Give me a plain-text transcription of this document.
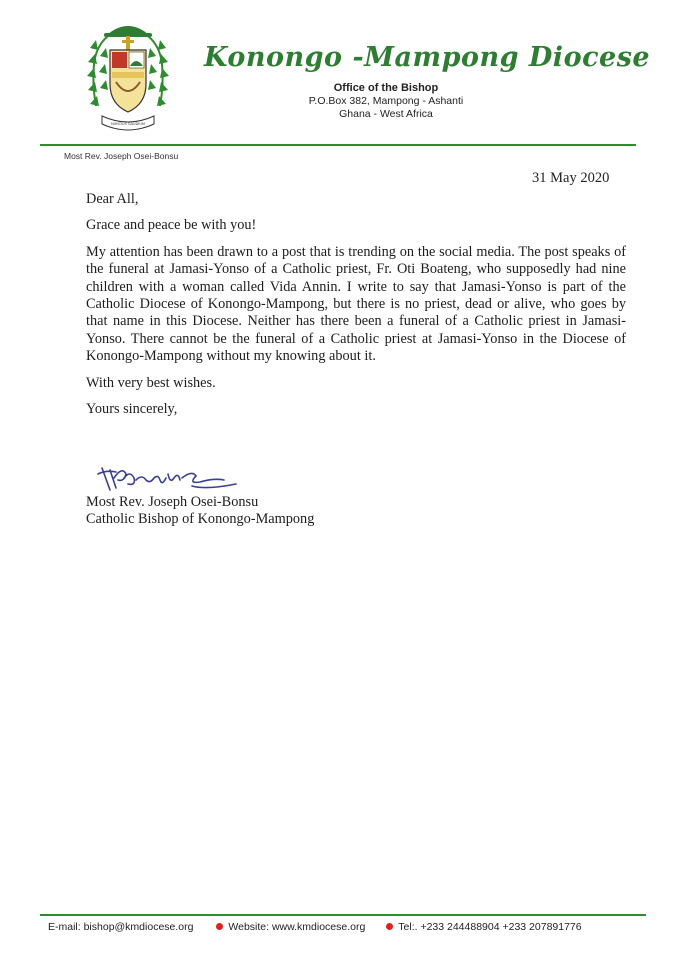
NUNTIUS GAUDIUM
Konongo -Mampong Diocese
Office of the Bishop
P.O.Box 382, Mampong - Ashanti
Ghana - West Africa
Most Rev. Joseph Osei-Bonsu
31 May 2020

Dear All,

Grace and peace be with you!

My attention has been drawn to a post that is trending on the social media. The post speaks of the funeral at Jamasi-Yonso of a Catholic priest, Fr. Oti Boateng, who supposedly had nine children with a woman called Vida Annin. I write to say that Jamasi-Yonso is part of the Catholic Diocese of Konongo-Mampong, but there is no priest, dead or alive, who goes by that name in this Diocese. Neither has there been a funeral of a Catholic priest in Jamasi-Yonso. There cannot be the funeral of a Catholic priest at Jamasi-Yonso in the Diocese of Konongo-Mampong without my knowing about it.

With very best wishes.

Yours sincerely,

Most Rev. Joseph Osei-Bonsu
Catholic Bishop of Konongo-Mampong
E-mail: bishop@kmdiocese.org	Website: www.kmdiocese.org	Tel:. +233 244488904 +233 207891776
